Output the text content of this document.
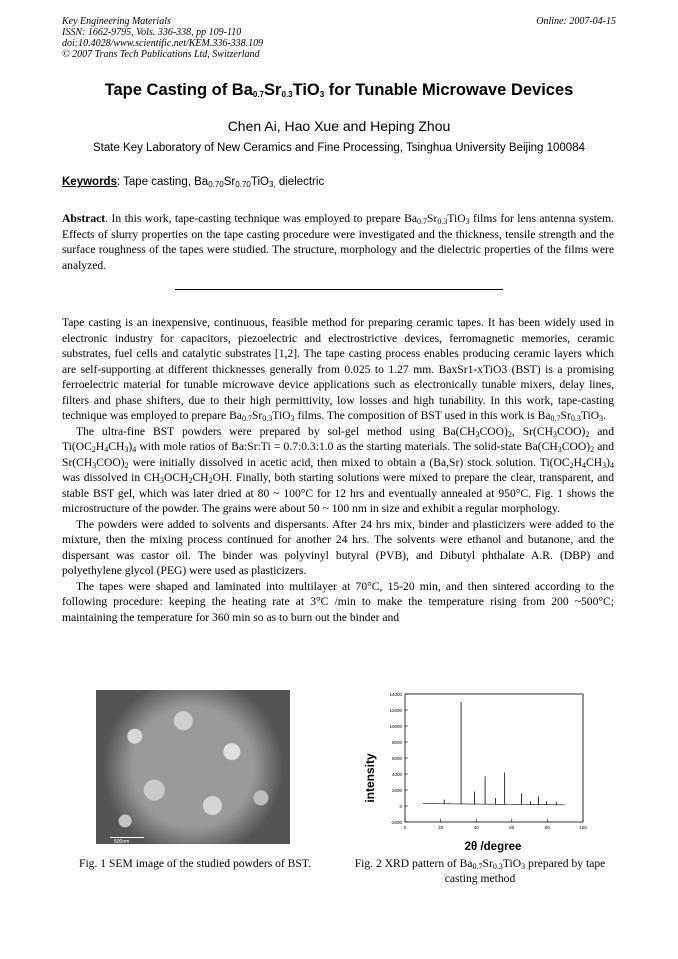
Key Engineering Materials
ISSN: 1662-9795, Vols. 336-338, pp 109-110
doi:10.4028/www.scientific.net/KEM.336-338.109
© 2007 Trans Tech Publications Ltd, Switzerland
Online: 2007-04-15
Tape Casting of $Ba_{0.7}Sr_{0.3}TiO_3$ for Tunable Microwave Devices
Chen Ai, Hao Xue and Heping Zhou
State Key Laboratory of New Ceramics and Fine Processing, Tsinghua University Beijing 100084
Keywords: Tape casting, $Ba_{0.70}Sr_{0.70}TiO_{3,}$ dielectric
Abstract. In this work, tape-casting technique was employed to prepare $Ba_{0.7}Sr_{0.3}TiO_3$ films for lens antenna system. Effects of slurry properties on the tape casting procedure were investigated and the thickness, tensile strength and the surface roughness of the tapes were studied. The structure, morphology and the dielectric properties of the films were analyzed.

Tape casting is an inexpensive, continuous, feasible method for preparing ceramic tapes. It has been widely used in electronic industry for capacitors, piezoelectric and electrostrictive devices, ferromagnetic memories, ceramic substrates, fuel cells and catalytic substrates [1,2]. The tape casting process enables producing ceramic layers which are self-supporting at different thicknesses generally from 0.025 to 1.27 mm. BaxSr1-xTiO3 (BST) is a promising ferroelectric material for tunable microwave device applications such as electronically tunable mixers, delay lines, filters and phase shifters, due to their high permittivity, low losses and high tunability. In this work, tape-casting technique was employed to prepare $Ba_{0.7}Sr_{0.3}TiO_3$ films. The composition of BST used in this work is $Ba_{0.7}Sr_{0.3}TiO_3$.

The ultra-fine BST powders were prepared by sol-gel method using $Ba(CH_3COO)_2$, $Sr(CH_3COO)_2$ and $Ti(OC_2H_4CH_3)_4$ with mole ratios of Ba:Sr:Ti = 0.7:0.3:1.0 as the starting materials. The solid-state $Ba(CH_3COO)_2$ and $Sr(CH_3COO)_2$ were initially dissolved in acetic acid, then mixed to obtain a (Ba,Sr) stock solution. $Ti(OC_2H_4CH_3)_4$ was dissolved in $CH_3OCH_2CH_2OH$. Finally, both starting solutions were mixed to prepare the clear, transparent, and stable BST gel, which was later dried at 80 ~ 100°C for 12 hrs and eventually annealed at 950°C. Fig. 1 shows the microstructure of the powder. The grains were about 50 ~ 100 nm in size and exhibit a regular morphology.

The powders were added to solvents and dispersants. After 24 hrs mix, binder and plasticizers were added to the mixture, then the mixing process continued for another 24 hrs. The solvents were ethanol and butanone, and the dispersant was castor oil. The binder was polyvinyl butyral (PVB), and Dibutyl phthalate A.R. (DBP) and polyethylene glycol (PEG) were used as plasticizers.

The tapes were shaped and laminated into multilayer at 70°C, 15-20 min, and then sintered according to the following procedure: keeping the heating rate at 3°C /min to make the temperature rising from 200 ~500°C; maintaining the temperature for 360 min so as to burn out the binder and

500nm
intensity
2θ /degree
-2000
0
2000
4000
6000
8000
10000
12000
14000
0	20	40	60	80	100
Fig. 1 SEM image of the studied powders of BST.	Fig. 2 XRD pattern of $Ba_{0.7}Sr_{0.3}TiO_3$ prepared by tape casting method
